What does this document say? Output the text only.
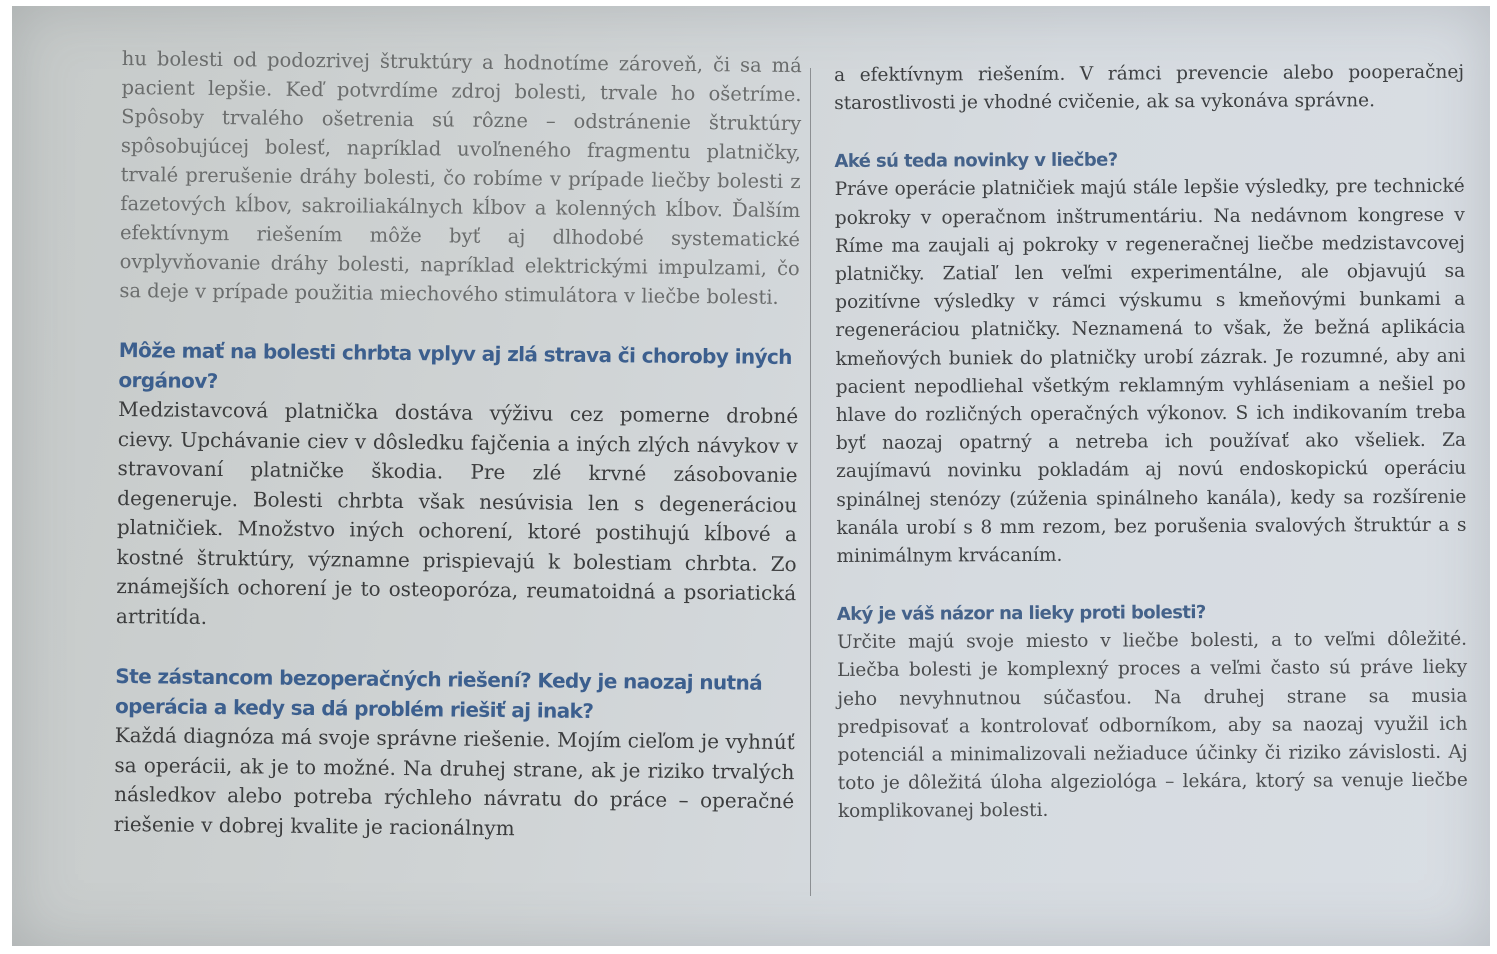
hu bolesti od podozrivej štruktúry a hodnotíme zároveň, či sa má pacient lepšie. Keď potvrdíme zdroj bolesti, trvale ho ošetríme. Spôsoby trvalého ošetrenia sú rôzne – odstránenie štruktúry spôsobujúcej bolesť, napríklad uvoľneného fragmentu platničky, trvalé prerušenie dráhy bolesti, čo robíme v prípade liečby bolesti z fazetových kĺbov, sakroiliakálnych kĺbov a kolenných kĺbov. Ďalším efektívnym riešením môže byť aj dlhodobé systematické ovplyvňovanie dráhy bolesti, napríklad elektrickými impulzami, čo sa deje v prípade použitia miechového stimulátora v liečbe bolesti.

Môže mať na bolesti chrbta vplyv aj zlá strava či choroby iných orgánov?

Medzistavcová platnička dostáva výživu cez pomerne drobné cievy. Upchávanie ciev v dôsledku fajčenia a iných zlých návykov v stravovaní platničke škodia. Pre zlé krvné zásobovanie degeneruje. Bolesti chrbta však nesúvisia len s degeneráciou platničiek. Množstvo iných ochorení, ktoré postihujú kĺbové a kostné štruktúry, významne prispievajú k bolestiam chrbta. Zo známejších ochorení je to osteoporóza, reumatoidná a psoriatická artritída.

Ste zástancom bezoperačných riešení? Kedy je naozaj nutná operácia a kedy sa dá problém riešiť aj inak?

Každá diagnóza má svoje správne riešenie. Mojím cieľom je vyhnúť sa operácii, ak je to možné. Na druhej strane, ak je riziko trvalých následkov alebo potreba rýchleho návratu do práce – operačné riešenie v dobrej kvalite je racionálnym

a efektívnym riešením. V rámci prevencie alebo pooperačnej starostlivosti je vhodné cvičenie, ak sa vykonáva správne.

Aké sú teda novinky v liečbe?

Práve operácie platničiek majú stále lepšie výsledky, pre technické pokroky v operačnom inštrumentáriu. Na nedávnom kongrese v Ríme ma zaujali aj pokroky v regeneračnej liečbe medzistavcovej platničky. Zatiaľ len veľmi experimentálne, ale objavujú sa pozitívne výsledky v rámci výskumu s kmeňovými bunkami a regeneráciou platničky. Neznamená to však, že bežná aplikácia kmeňových buniek do platničky urobí zázrak. Je rozumné, aby ani pacient nepodliehal všetkým reklamným vyhláseniam a nešiel po hlave do rozličných operačných výkonov. S ich indikovaním treba byť naozaj opatrný a netreba ich používať ako všeliek. Za zaujímavú novinku pokladám aj novú endoskopickú operáciu spinálnej stenózy (zúženia spinálneho kanála), kedy sa rozšírenie kanála urobí s 8 mm rezom, bez porušenia svalových štruktúr a s minimálnym krvácaním.

Aký je váš názor na lieky proti bolesti?

Určite majú svoje miesto v liečbe bolesti, a to veľmi dôležité. Liečba bolesti je komplexný proces a veľmi často sú práve lieky jeho nevyhnutnou súčasťou. Na druhej strane sa musia predpisovať a kontrolovať odborníkom, aby sa naozaj využil ich potenciál a minimalizovali nežiaduce účinky či riziko závislosti. Aj toto je dôležitá úloha algeziológa – lekára, ktorý sa venuje liečbe komplikovanej bolesti.
